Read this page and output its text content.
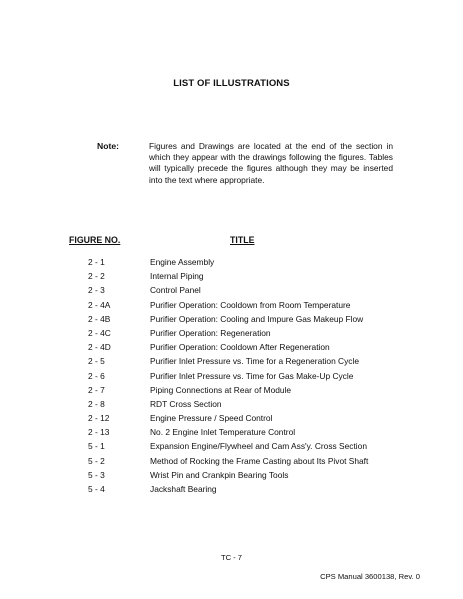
LIST OF ILLUSTRATIONS
Note:	Figures and Drawings are located at the end of the section in which they appear with the drawings following the figures. Tables will typically precede the figures although they may be inserted into the text where appropriate.
FIGURE NO.	TITLE
2 - 1	Engine Assembly
2 - 2	Internal Piping
2 - 3	Control Panel
2 - 4A	Purifier Operation: Cooldown from Room Temperature
2 - 4B	Purifier Operation: Cooling and Impure Gas Makeup Flow
2 - 4C	Purifier Operation: Regeneration
2 - 4D	Purifier Operation: Cooldown After Regeneration
2 - 5	Purifier Inlet Pressure vs. Time for a Regeneration Cycle
2 - 6	Purifier Inlet Pressure vs. Time for Gas Make-Up Cycle
2 - 7	Piping Connections at Rear of Module
2 - 8	RDT Cross Section
2 - 12	Engine Pressure / Speed Control
2 - 13	No. 2 Engine Inlet Temperature Control
5 - 1	Expansion Engine/Flywheel and Cam Ass'y. Cross Section
5 - 2	Method of Rocking the Frame Casting about Its Pivot Shaft
5 - 3	Wrist Pin and Crankpin Bearing Tools
5 - 4	Jackshaft Bearing
TC - 7
CPS Manual 3600138, Rev. 0
